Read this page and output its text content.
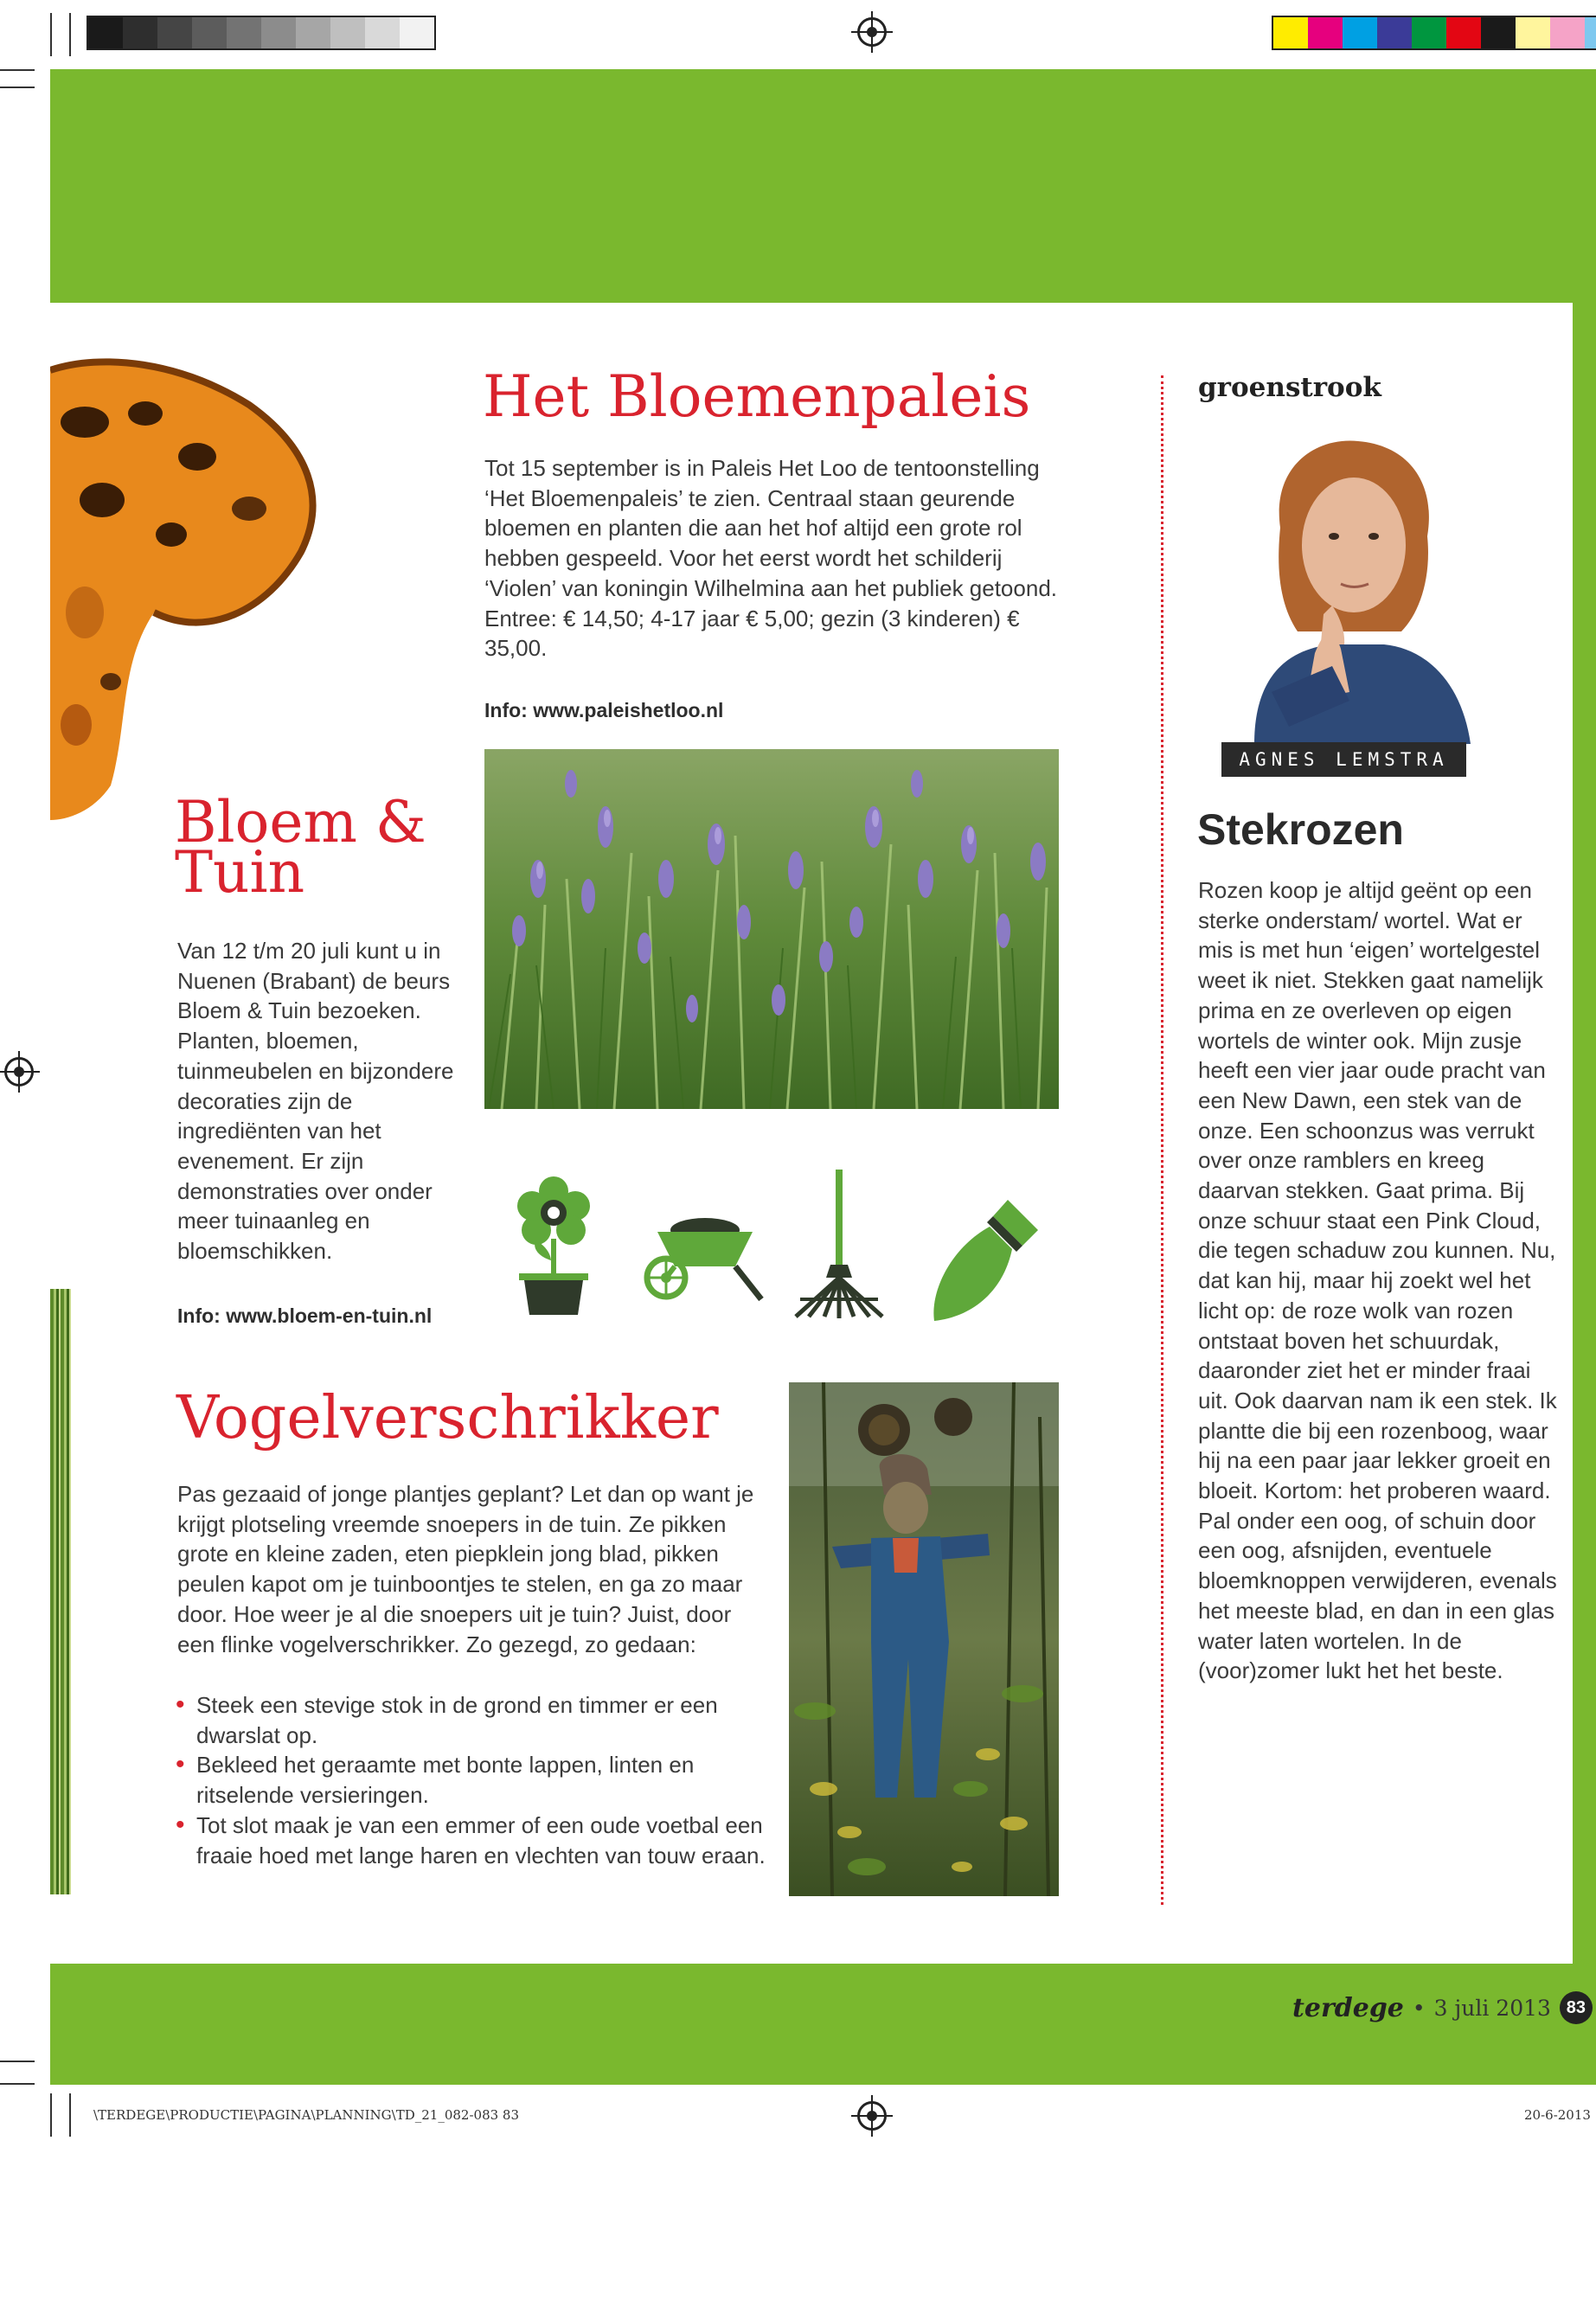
Het Bloemenpaleis

Tot 15 september is in Paleis Het Loo de tentoonstelling ‘Het Bloemenpaleis’ te zien. Centraal staan geurende bloemen en planten die aan het hof altijd een grote rol hebben gespeeld. Voor het eerst wordt het schilderij ‘Violen’ van koningin Wilhelmina aan het publiek getoond. Entree: € 14,50; 4-17 jaar € 5,00; gezin (3 kinderen) € 35,00.

Info: www.paleishetloo.nl
Bloem & Tuin

Van 12 t/m 20 juli kunt u in Nuenen (Brabant) de beurs Bloem & Tuin bezoeken. Planten, bloemen, tuinmeubelen en bijzondere decoraties zijn de ingrediënten van het evenement. Er zijn demonstraties over onder meer tuinaanleg en bloemschikken.

Info: www.bloem-en-tuin.nl
Vogelverschrikker

Pas gezaaid of jonge plantjes geplant? Let dan op want je krijgt plotseling vreemde snoepers in de tuin. Ze pikken grote en kleine zaden, eten piepklein jong blad, pikken peulen kapot om je tuinboontjes te stelen, en ga zo maar door. Hoe weer je al die snoepers uit je tuin? Juist, door een flinke vogelverschrikker. Zo gezegd, zo gedaan:

• Steek een stevige stok in de grond en timmer er een dwarslat op.
• Bekleed het geraamte met bonte lappen, linten en ritselende versieringen.
• Tot slot maak je van een emmer of een oude voetbal een fraaie hoed met lange haren en vlechten van touw eraan.
groenstrook
AGNES LEMSTRA
Stekrozen

Rozen koop je altijd geënt op een sterke onderstam/ wortel. Wat er mis is met hun ‘eigen’ wortelgestel weet ik niet. Stekken gaat namelijk prima en ze overleven op eigen wortels de winter ook. Mijn zusje heeft een vier jaar oude pracht van een New Dawn, een stek van de onze. Een schoonzus was verrukt over onze ramblers en kreeg daarvan stekken. Gaat prima. Bij onze schuur staat een Pink Cloud, die tegen schaduw zou kunnen. Nu, dat kan hij, maar hij zoekt wel het licht op: de roze wolk van rozen ontstaat boven het schuurdak, daaronder ziet het er minder fraai uit. Ook daarvan nam ik een stek. Ik plantte die bij een rozenboog, waar hij na een paar jaar lekker groeit en bloeit. Kortom: het proberen waard. Pal onder een oog, of schuin door een oog, afsnijden, eventuele bloemknoppen verwijderen, evenals het meeste blad, en dan in een glas water laten wortelen. In de (voor)zomer lukt het het beste.

terdege • 3 juli 2013 83
\TERDEGE\PRODUCTIE\PAGINA\PLANNING\TD_21_082-083 83	20-6-2013
